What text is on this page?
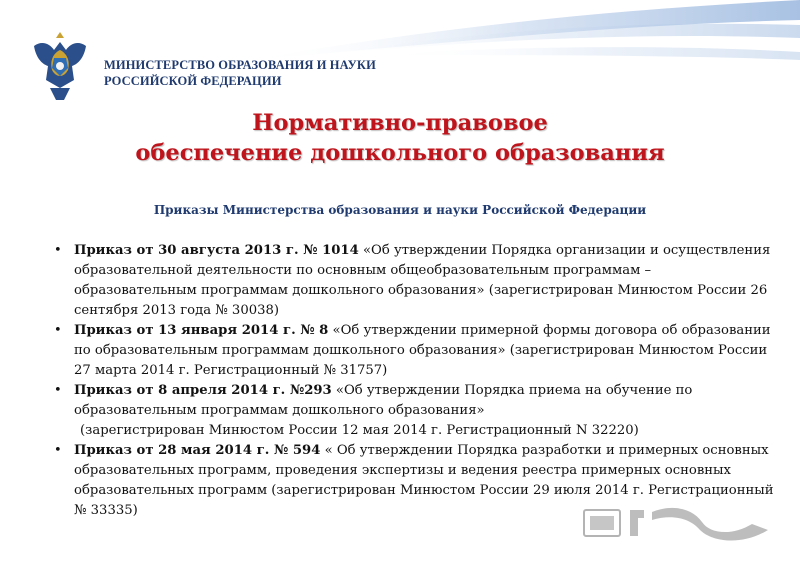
МИНИСТЕРСТВО ОБРАЗОВАНИЯ И НАУКИ
РОССИЙСКОЙ ФЕДЕРАЦИИ
Нормативно-правовое
обеспечение дошкольного образования
Приказы Министерства образования и науки Российской Федерации

• Приказ от 30 августа 2013 г. № 1014 «Об утверждении Порядка организации и осуществления образовательной деятельности по основным общеобразовательным программам – образовательным программам дошкольного образования» (зарегистрирован Минюстом России 26 сентября 2013 года № 30038)

• Приказ от 13 января 2014 г. № 8 «Об утверждении примерной формы договора об образовании по образовательным программам дошкольного образования» (зарегистрирован Минюстом России 27 марта 2014 г. Регистрационный № 31757)

• Приказ от 8 апреля 2014 г. №293 «Об утверждении Порядка приема на обучение по образовательным программам дошкольного образования»
(зарегистрирован Минюстом России 12 мая 2014 г. Регистрационный N 32220)

• Приказ от 28 мая 2014 г. № 594 « Об утверждении Порядка разработки и примерных основных образовательных программ, проведения экспертизы и ведения реестра примерных основных образовательных программ (зарегистрирован Минюстом России 29 июля 2014 г. Регистрационный № 33335)
